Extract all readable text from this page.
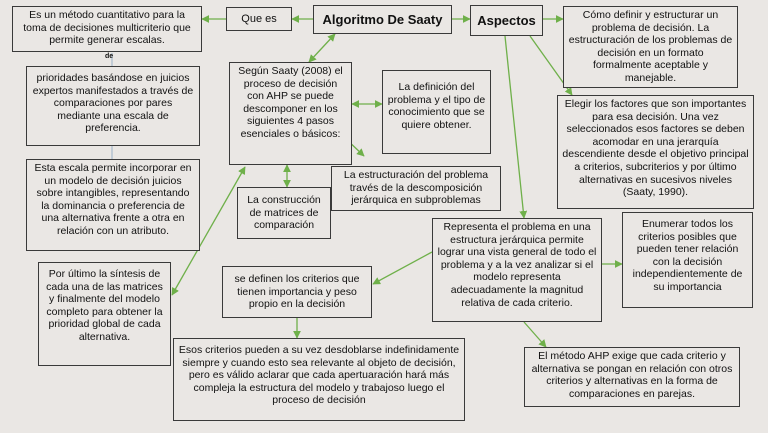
Es un método cuantitativo para la toma de decisiones multicriterio que permite generar escalas.
de
Que es	Algoritmo De Saaty	Aspectos	Cómo definir y estructurar un problema de decisión. La estructuración de los problemas de decisión en un formato formalmente aceptable y manejable.
prioridades basándose en juicios expertos manifestados a través de comparaciones por pares mediante una escala de preferencia.
Según Saaty (2008) el proceso de decisión con AHP se puede descomponer en los siguientes 4 pasos esenciales o básicos:
La definición del problema y el tipo de conocimiento que se quiere obtener.
Elegir los factores que son importantes para esa decisión. Una vez seleccionados esos factores se deben acomodar en una jerarquía descendiente desde el objetivo principal a criterios, subcriterios y por último alternativas en sucesivos niveles (Saaty, 1990).
Esta escala permite incorporar en un modelo de decisión juicios sobre intangibles, representando la dominancia o preferencia de una alternativa frente a otra en relación con un atributo.
La estructuración del problema través de la descomposición jerárquica en subproblemas
La construcción de matrices de comparación	Representa el problema en una estructura jerárquica permite lograr una vista general de todo el problema y a la vez analizar si el modelo representa adecuadamente la magnitud relativa de cada criterio.
Enumerar todos los criterios posibles que pueden tener relación con la decisión independientemente de su importancia
Por último la síntesis de cada una de las matrices y finalmente del modelo completo para obtener la prioridad global de cada alternativa.
se definen los criterios que tienen importancia y peso propio en la decisión
Esos criterios pueden a su vez desdoblarse indefinidamente siempre y cuando esto sea relevante al objeto de decisión, pero es válido aclarar que cada apertuaración hará más compleja la estructura del modelo y trabajoso luego el proceso de decisión
El método AHP exige que cada criterio y alternativa se pongan en relación con otros criterios y alternativas en la forma de comparaciones en parejas.
